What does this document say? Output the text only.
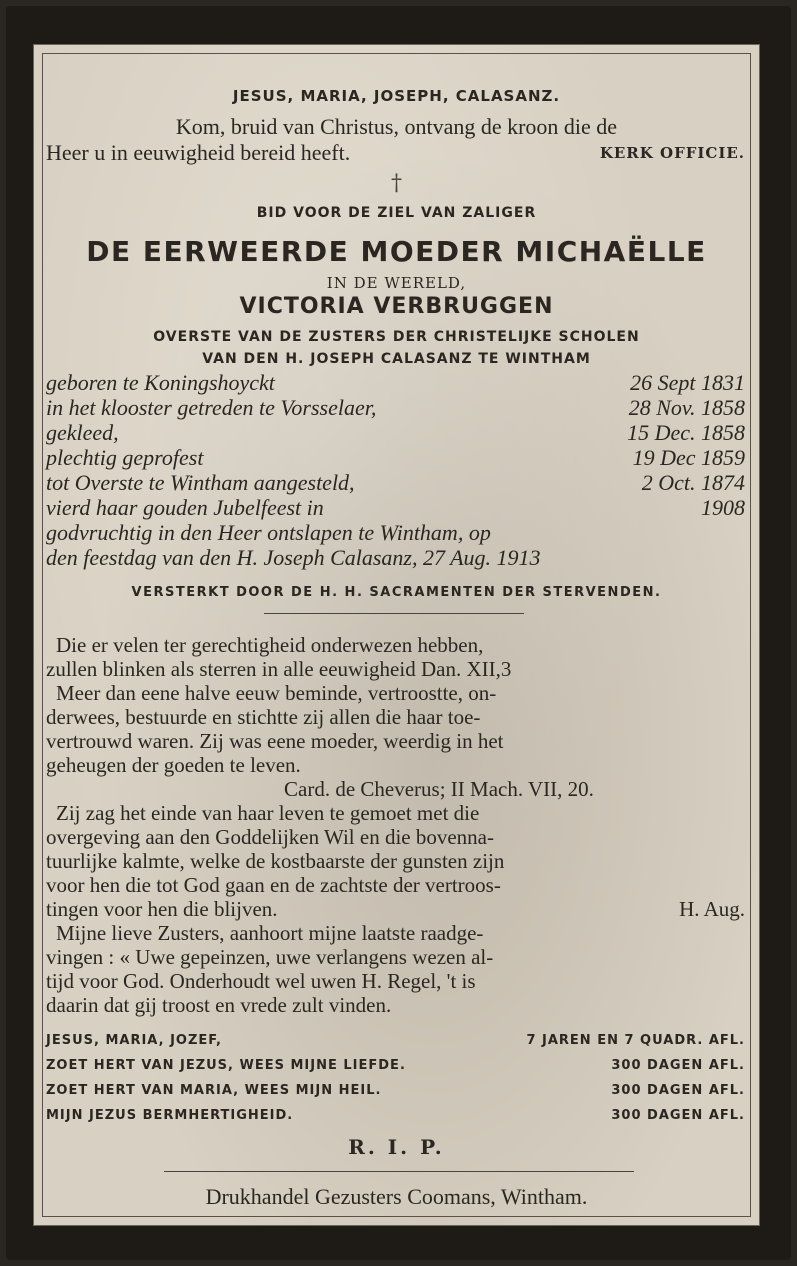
JESUS, MARIA, JOSEPH, CALASANZ.
Kom, bruid van Christus, ontvang de kroon die de
Heer u in eeuwigheid bereid heeft.	KERK OFFICIE.
†
BID VOOR DE ZIEL VAN ZALIGER
DE EERWEERDE MOEDER MICHAËLLE
IN DE WERELD,
VICTORIA VERBRUGGEN
OVERSTE VAN DE ZUSTERS DER CHRISTELIJKE SCHOLEN
VAN DEN H. JOSEPH CALASANZ TE WINTHAM
geboren te Koningshoyckt	26 Sept 1831
in het klooster getreden te Vorsselaer,	28 Nov. 1858
gekleed,	15 Dec. 1858
plechtig geprofest	19 Dec 1859
tot Overste te Wintham aangesteld,	2 Oct. 1874
vierd haar gouden Jubelfeest in	1908
godvruchtig in den Heer ontslapen te Wintham, op
den feestdag van den H. Joseph Calasanz, 27 Aug. 1913
VERSTERKT DOOR DE H. H. SACRAMENTEN DER STERVENDEN.
Die er velen ter gerechtigheid onderwezen hebben,
zullen blinken als sterren in alle eeuwigheid Dan. XII,3
Meer dan eene halve eeuw beminde, vertroostte, on-
derwees, bestuurde en stichtte zij allen die haar toe-
vertrouwd waren. Zij was eene moeder, weerdig in het
geheugen der goeden te leven.
Card. de Cheverus; II Mach. VII, 20.
Zij zag het einde van haar leven te gemoet met die
overgeving aan den Goddelijken Wil en die bovenna-
tuurlijke kalmte, welke de kostbaarste der gunsten zijn
voor hen die tot God gaan en de zachtste der vertroos-
tingen voor hen die blijven.	H. Aug.
Mijne lieve Zusters, aanhoort mijne laatste raadge-
vingen : « Uwe gepeinzen, uwe verlangens wezen al-
tijd voor God. Onderhoudt wel uwen H. Regel, 't is
daarin dat gij troost en vrede zult vinden.
JESUS, MARIA, JOZEF,	7 JAREN EN 7 QUADR. AFL.
ZOET HERT VAN JEZUS, WEES MIJNE LIEFDE.	300 DAGEN AFL.
ZOET HERT VAN MARIA, WEES MIJN HEIL.	300 DAGEN AFL.
MIJN JEZUS BERMHERTIGHEID.	300 DAGEN AFL.
R. I. P.
Drukhandel Gezusters Coomans, Wintham.
